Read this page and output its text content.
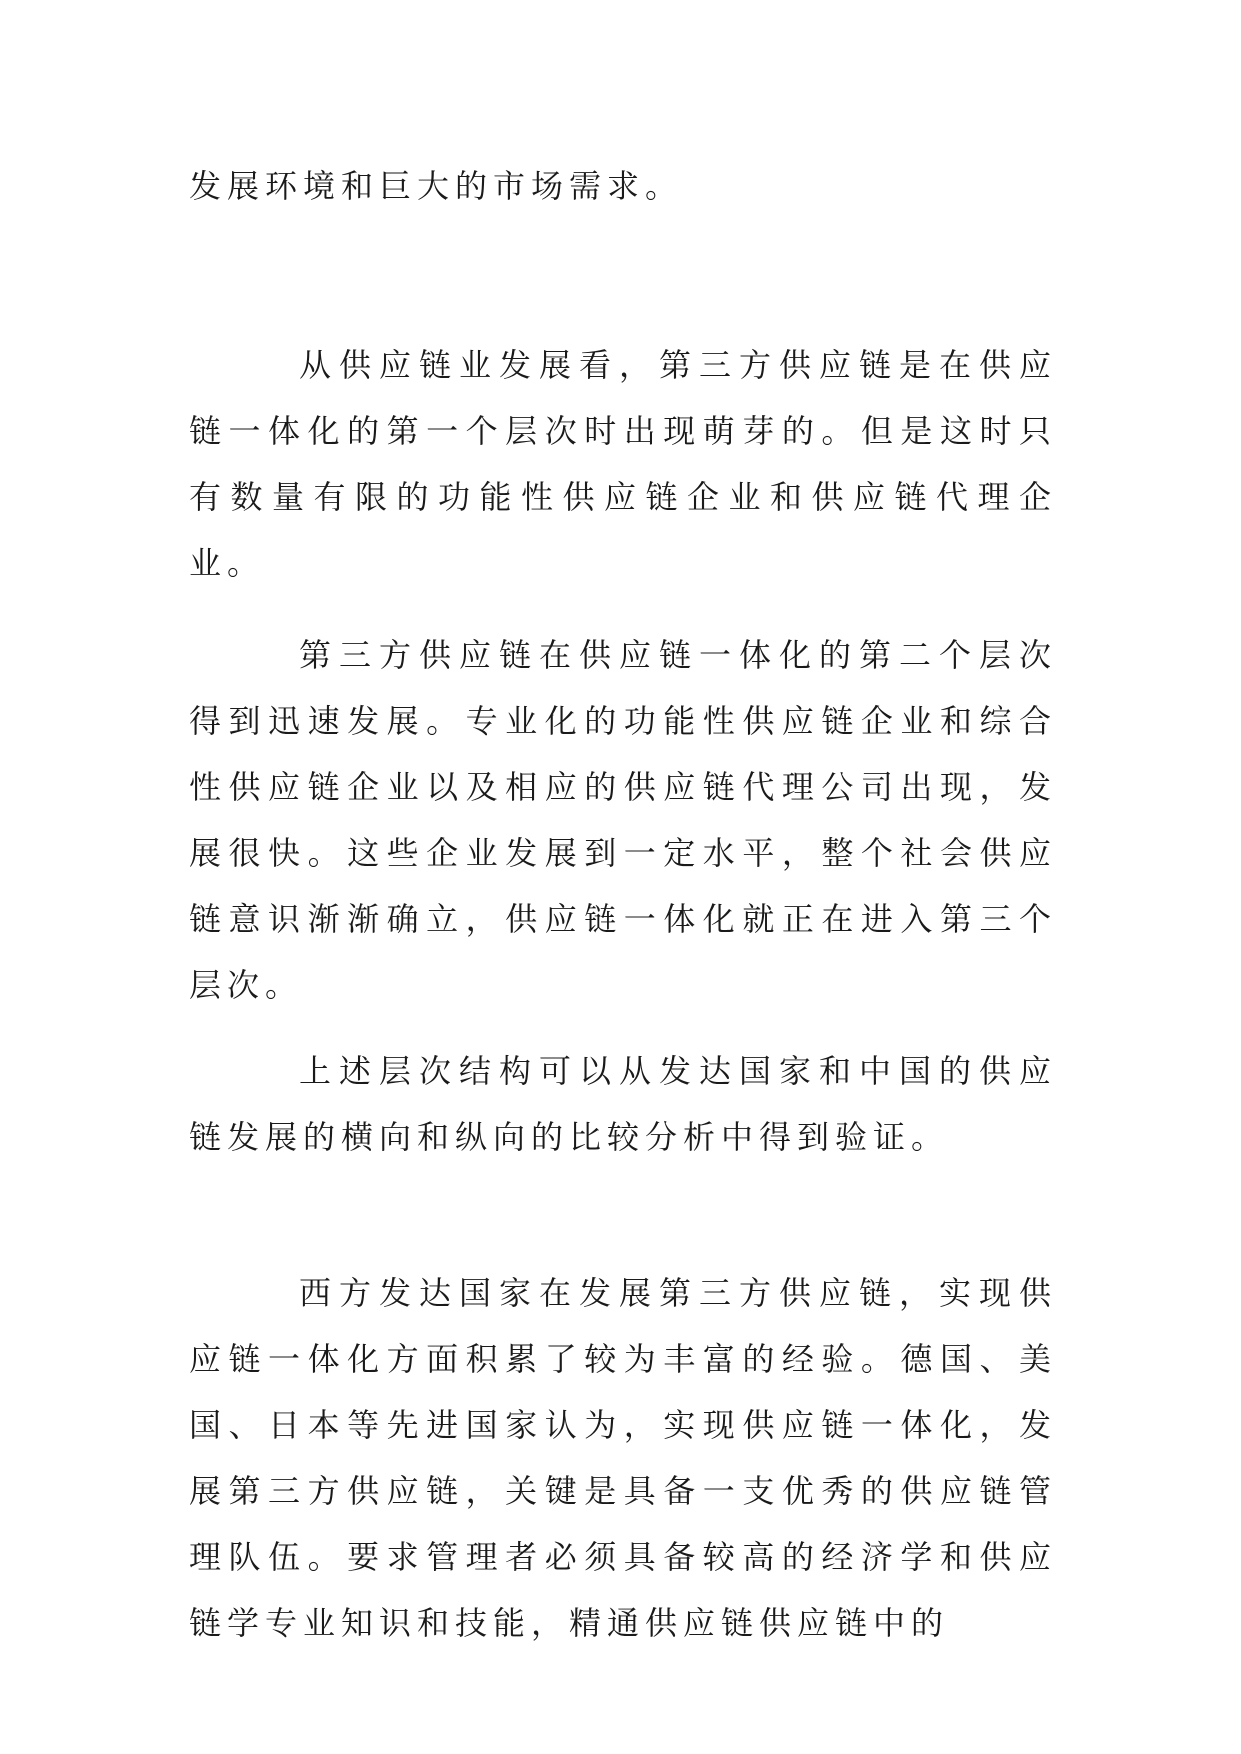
发展环境和巨大的市场需求。

从供应链业发展看，第三方供应链是在供应链一体化的第一个层次时出现萌芽的。但是这时只有数量有限的功能性供应链企业和供应链代理企业。

第三方供应链在供应链一体化的第二个层次得到迅速发展。专业化的功能性供应链企业和综合性供应链企业以及相应的供应链代理公司出现，发展很快。这些企业发展到一定水平，整个社会供应链意识渐渐确立，供应链一体化就正在进入第三个层次。

上述层次结构可以从发达国家和中国的供应链发展的横向和纵向的比较分析中得到验证。

西方发达国家在发展第三方供应链，实现供应链一体化方面积累了较为丰富的经验。德国、美国、日本等先进国家认为，实现供应链一体化，发展第三方供应链，关键是具备一支优秀的供应链管理队伍。要求管理者必须具备较高的经济学和供应链学专业知识和技能，精通供应链供应链中的
